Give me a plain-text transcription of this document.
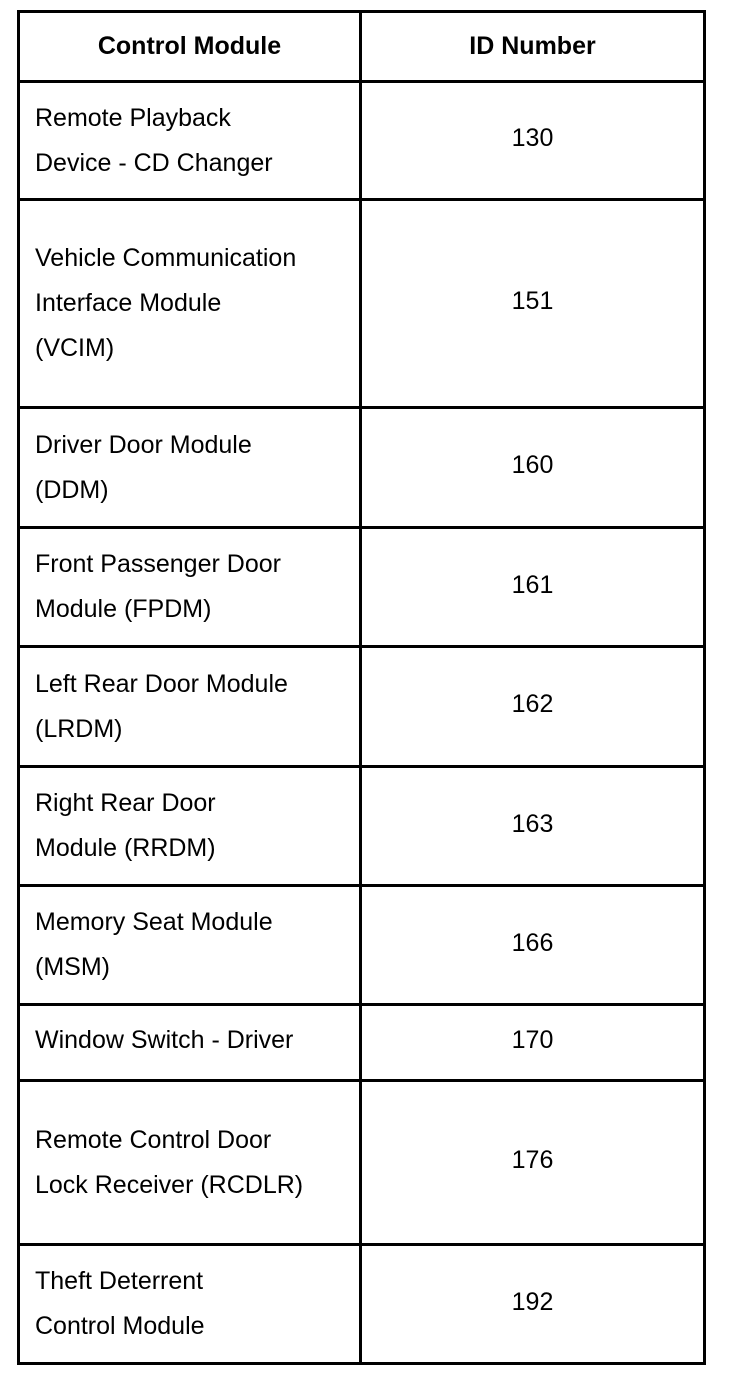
Control Module	ID Number
Remote Playback Device - CD Changer	130
Vehicle Communication Interface Module (VCIM)	151
Driver Door Module (DDM)	160
Front Passenger Door Module (FPDM)	161
Left Rear Door Module (LRDM)	162
Right Rear Door Module (RRDM)	163
Memory Seat Module (MSM)	166
Window Switch - Driver	170
Remote Control Door Lock Receiver (RCDLR)	176
Theft Deterrent Control Module	192
